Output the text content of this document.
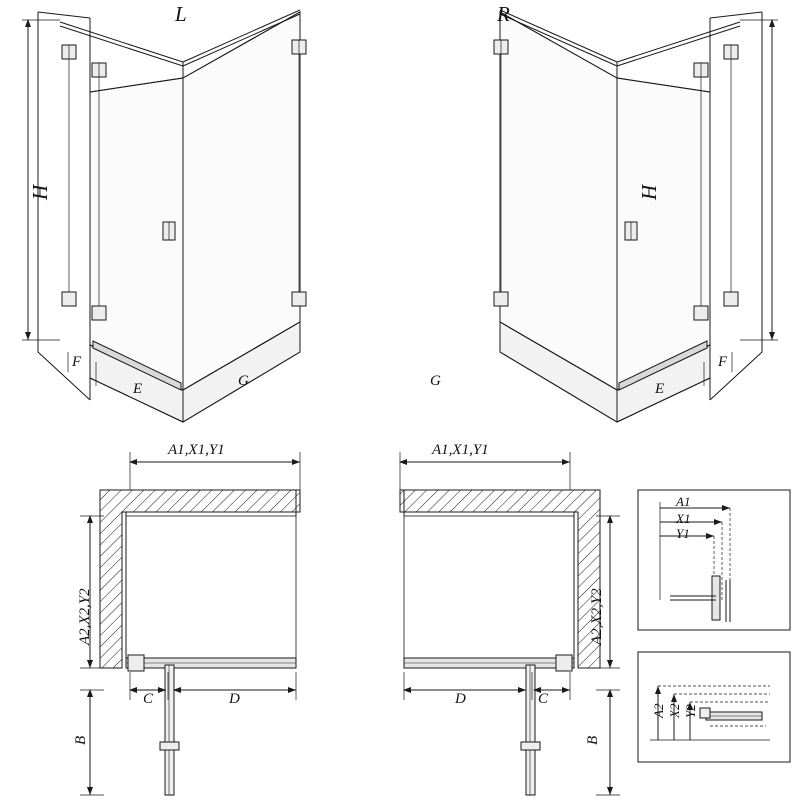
L	R
H	H
F
E	G
F
E
G
A1,X1,Y1
A2,X2,Y2
C	D
B
A1,X1,Y1
A2,X2,Y2
C
D
B
A1
X1
Y1
A2 X2 Y2
